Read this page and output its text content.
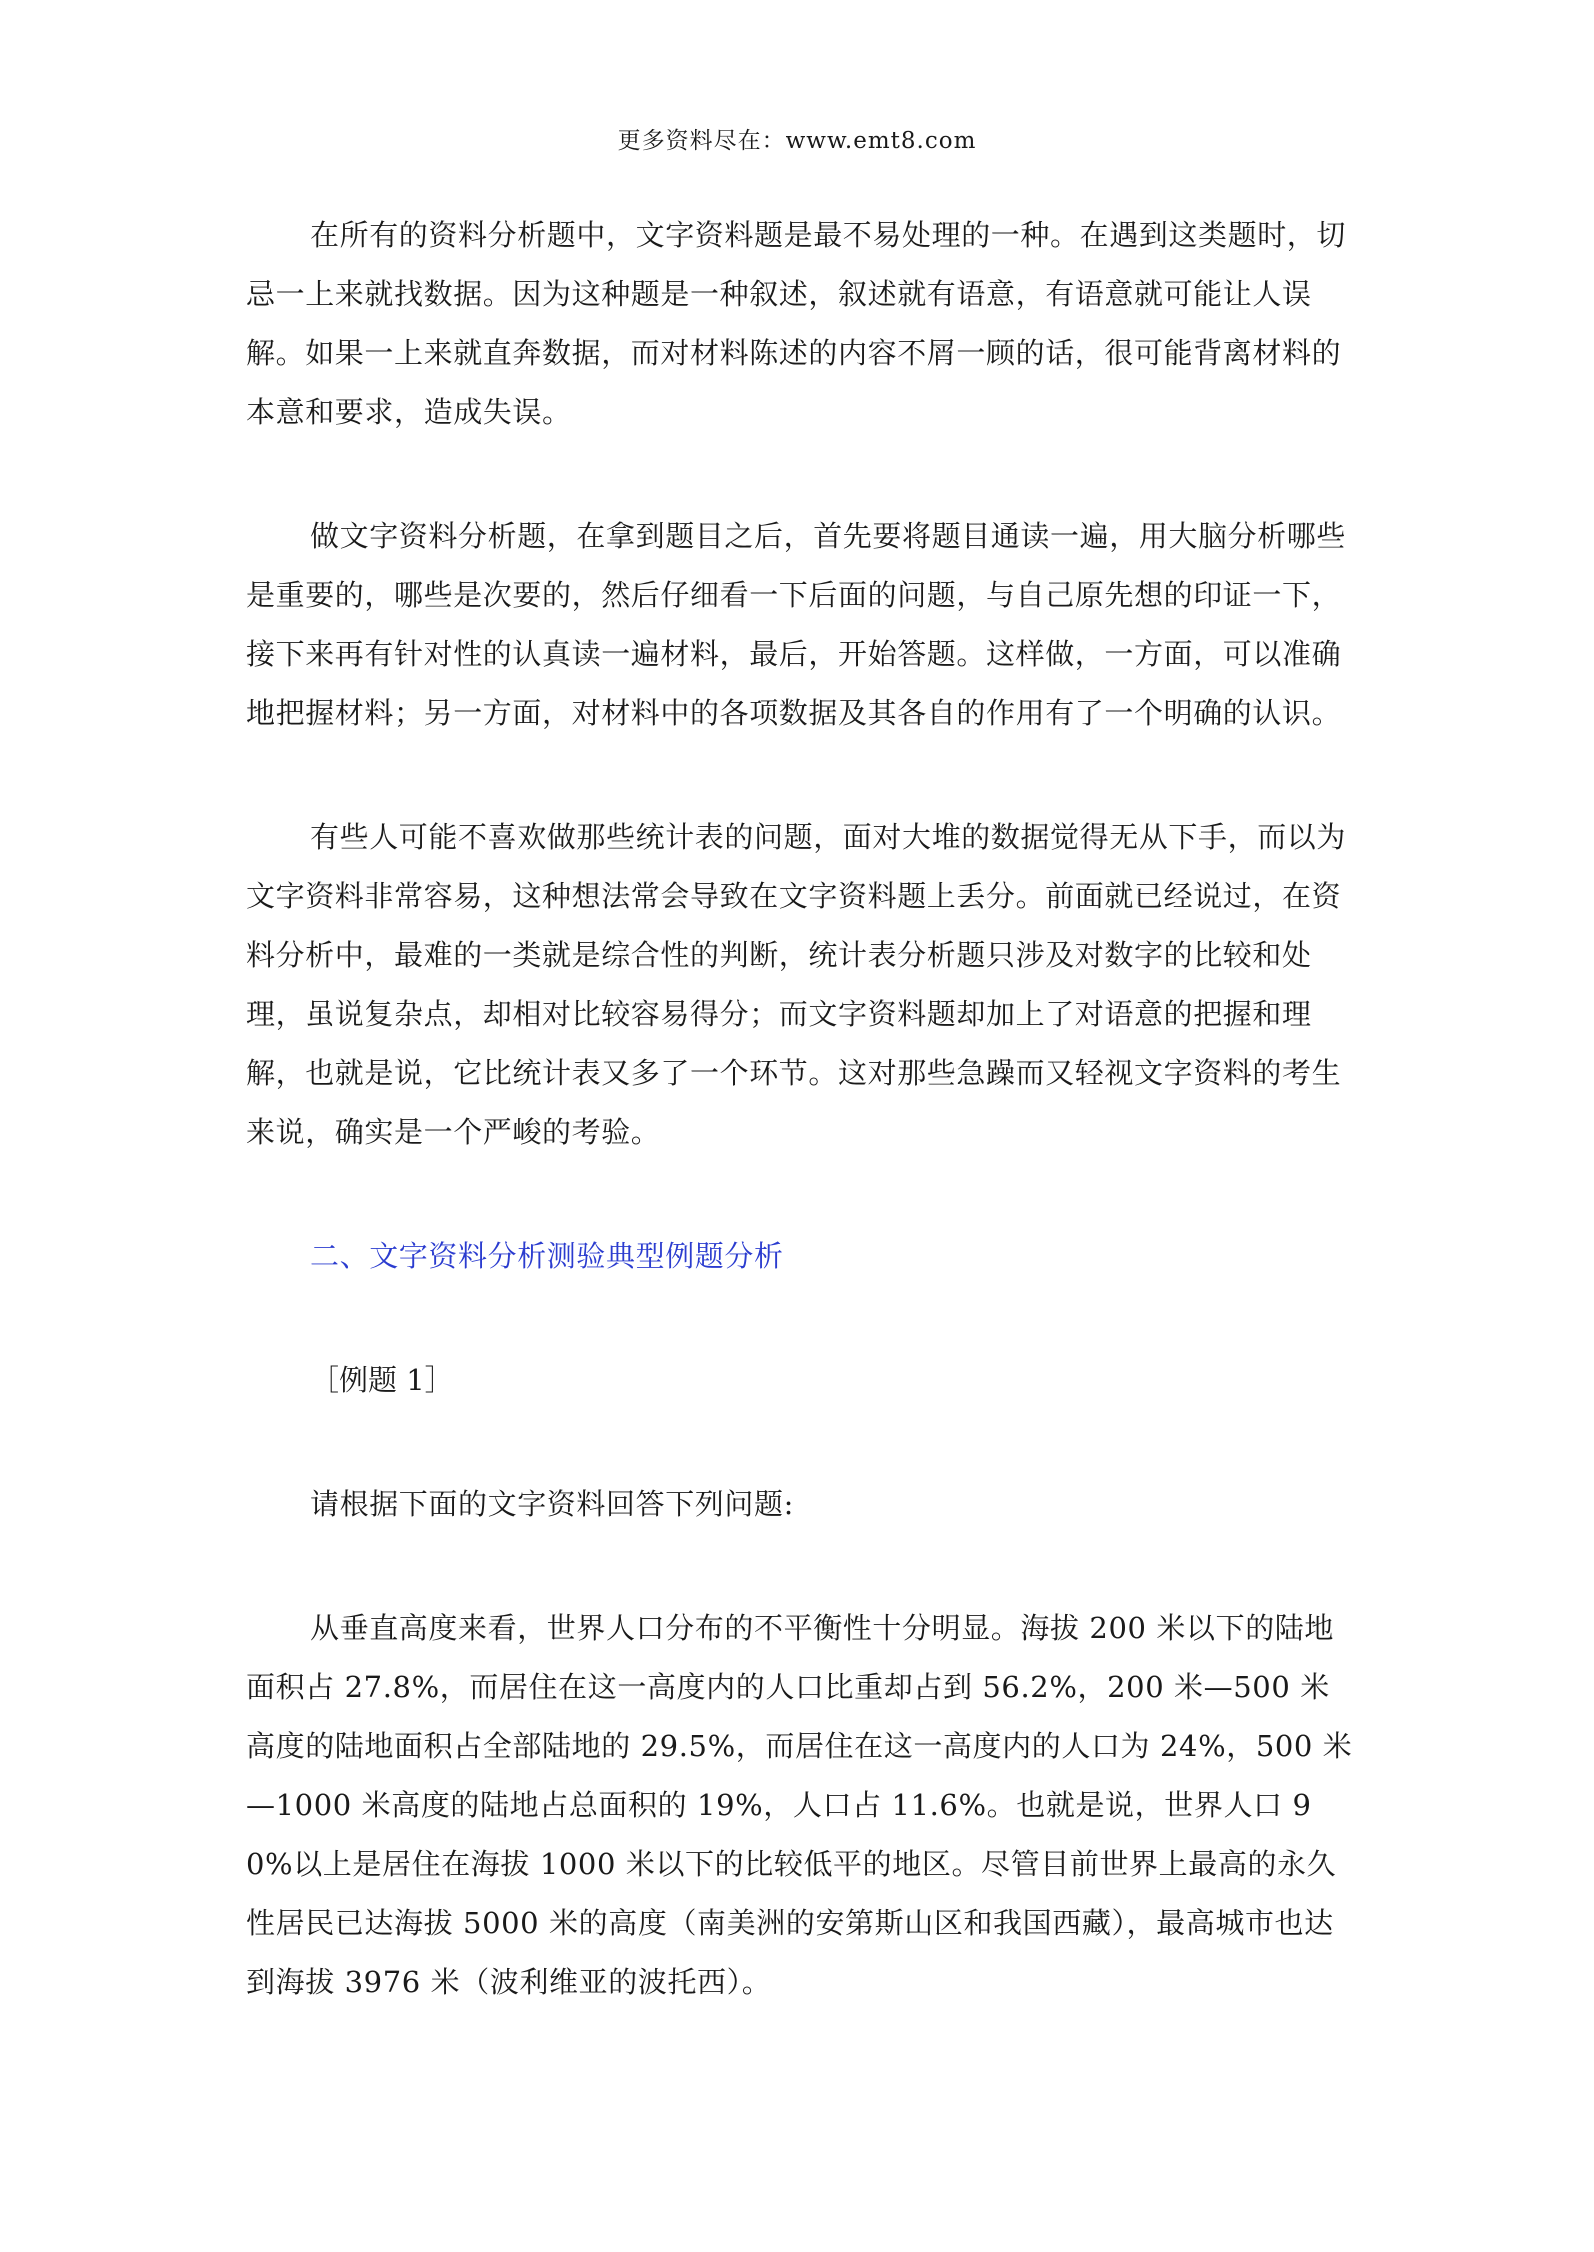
更多资料尽在：www.emt8.com

在所有的资料分析题中，文字资料题是最不易处理的一种。在遇到这类题时，切忌一上来就找数据。因为这种题是一种叙述，叙述就有语意，有语意就可能让人误解。如果一上来就直奔数据，而对材料陈述的内容不屑一顾的话，很可能背离材料的本意和要求，造成失误。

做文字资料分析题，在拿到题目之后，首先要将题目通读一遍，用大脑分析哪些是重要的，哪些是次要的，然后仔细看一下后面的问题，与自己原先想的印证一下，接下来再有针对性的认真读一遍材料，最后，开始答题。这样做，一方面，可以准确地把握材料；另一方面，对材料中的各项数据及其各自的作用有了一个明确的认识。

有些人可能不喜欢做那些统计表的问题，面对大堆的数据觉得无从下手，而以为文字资料非常容易，这种想法常会导致在文字资料题上丢分。前面就已经说过，在资料分析中，最难的一类就是综合性的判断，统计表分析题只涉及对数字的比较和处理，虽说复杂点，却相对比较容易得分；而文字资料题却加上了对语意的把握和理解，也就是说，它比统计表又多了一个环节。这对那些急躁而又轻视文字资料的考生来说，确实是一个严峻的考验。

二、文字资料分析测验典型例题分析
［例题 1］

请根据下面的文字资料回答下列问题:

从垂直高度来看，世界人口分布的不平衡性十分明显。海拔 200 米以下的陆地面积占 27.8%，而居住在这一高度内的人口比重却占到 56.2%，200 米—500 米高度的陆地面积占全部陆地的 29.5%，而居住在这一高度内的人口为 24%，500 米—1000 米高度的陆地占总面积的 19%，人口占 11.6%。也就是说，世界人口 90%以上是居住在海拔 1000 米以下的比较低平的地区。尽管目前世界上最高的永久性居民已达海拔 5000 米的高度（南美洲的安第斯山区和我国西藏），最高城市也达到海拔 3976 米（波利维亚的波托西）。
